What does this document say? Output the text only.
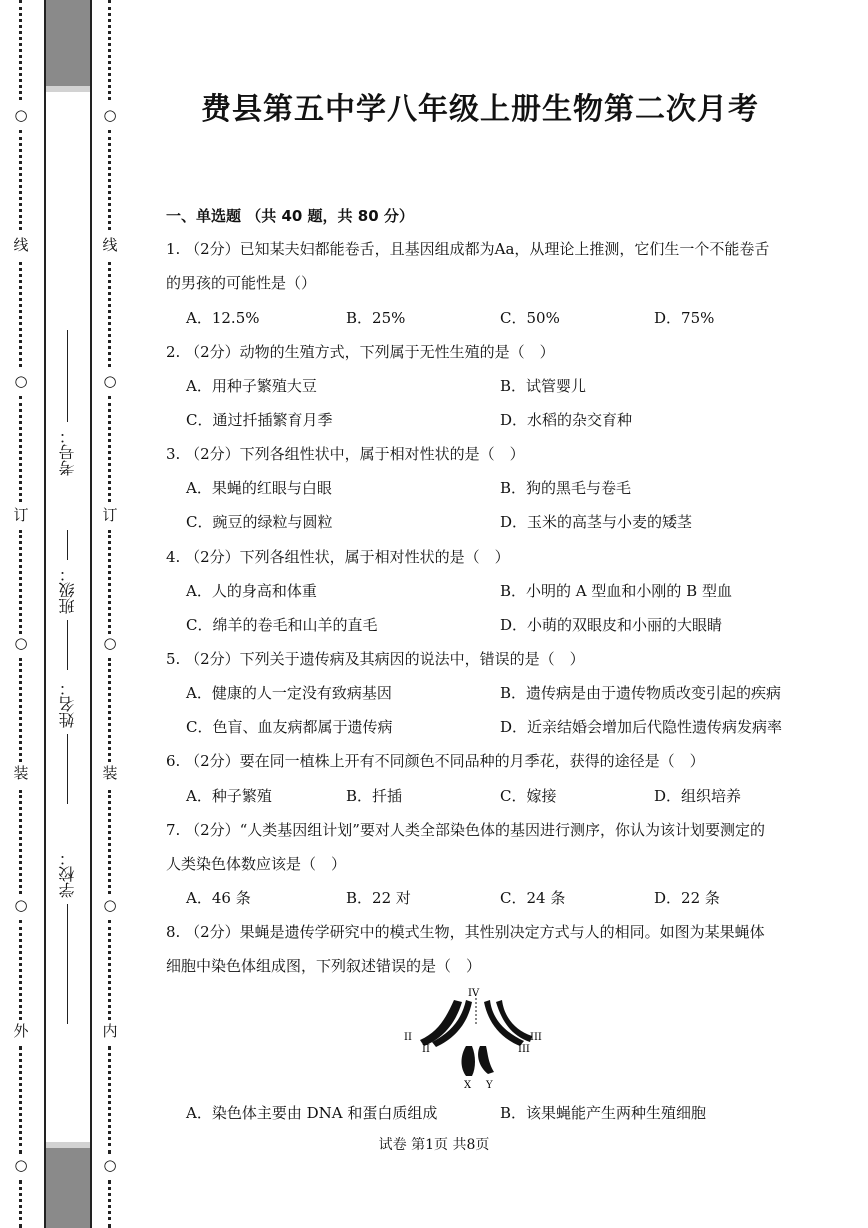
○
线
○
订
○
装
○
外
○
考号：
班级：
姓名：
学校：
○
线
○
订
○
装
○
内
○
费县第五中学八年级上册生物第二次月考
一、单选题 （共 40 题，共 80 分）
1. （2分）已知某夫妇都能卷舌，且基因组成都为Aa，从理论上推测，它们生一个不能卷舌
的男孩的可能性是（）
A．12.5%	B．25%	C．50%	D．75%
2. （2分）动物的生殖方式，下列属于无性生殖的是（　）
A．用种子繁殖大豆	B．试管婴儿
C．通过扦插繁育月季	D．水稻的杂交育种
3. （2分）下列各组性状中，属于相对性状的是（　）
A．果蝇的红眼与白眼	B．狗的黑毛与卷毛
C．豌豆的绿粒与圆粒	D．玉米的高茎与小麦的矮茎
4. （2分）下列各组性状，属于相对性状的是（　）
A．人的身高和体重	B．小明的 A 型血和小刚的 B 型血
C．绵羊的卷毛和山羊的直毛	D．小萌的双眼皮和小丽的大眼睛
5. （2分）下列关于遗传病及其病因的说法中，错误的是（　）
A．健康的人一定没有致病基因	B．遗传病是由于遗传物质改变引起的疾病
C．色盲、血友病都属于遗传病	D．近亲结婚会增加后代隐性遗传病发病率
6. （2分）要在同一植株上开有不同颜色不同品种的月季花，获得的途径是（　）
A．种子繁殖	B．扦插	C．嫁接	D．组织培养
7. （2分）“人类基因组计划”要对人类全部染色体的基因进行测序，你认为该计划要测定的
人类染色体数应该是（　）
A．46 条	B．22 对	C．24 条	D．22 条
8. （2分）果蝇是遗传学研究中的模式生物，其性别决定方式与人的相同。如图为某果蝇体
细胞中染色体组成图，下列叙述错误的是（　）
IV
II
II	III
III
X Y
A．染色体主要由 DNA 和蛋白质组成	B．该果蝇能产生两种生殖细胞
试卷 第1页 共8页
